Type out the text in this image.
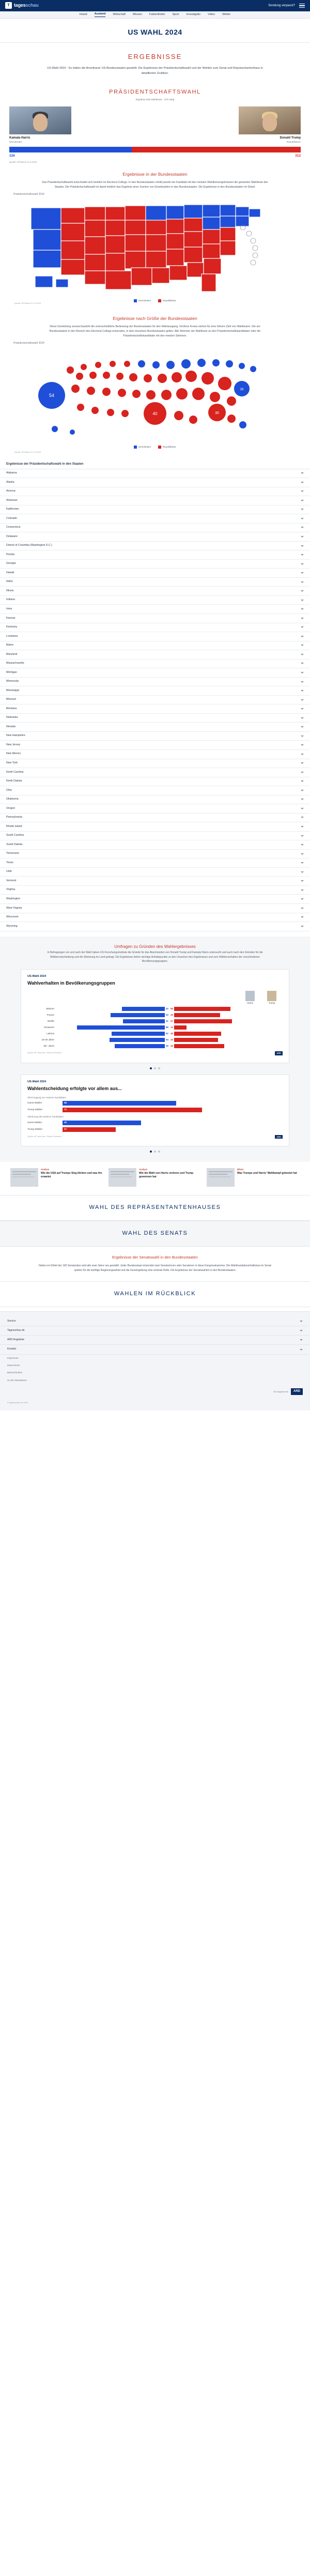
T tagesschau	Sendung verpasst?
Inland	Ausland	Wirtschaft	Wissen	Faktenfinder	Sport	Investigativ	Video	Wetter
US WAHL 2024
ERGEBNISSE
US-Wahl 2024 - So haben die Amerikaner US-Bundesstaaten gewählt. Die Ergebnisse der Präsidentschaftswahl und der Wahlen zum Senat und Repräsentantenhaus in detaillierten Grafiken.
PRÄSIDENTSCHAFTSWAHL
Ergebnis 538 Wahlleute - 270 nötig
Kamala Harris
Demokraten
Donald Trump
Republikaner
226	312
Quelle: AP/Stand 11.11.2024
Ergebnisse in der Bundesstaaten

Das Präsidentschaftswahl entscheidet sich letztlich im Electoral College. In den Bundesstaaten erhält jeweils der Kandidat mit den meisten Wahlkreisergebnissen die gesamten Wahlleute des Staates. Die Präsidentschaftswahl ist damit letztlich das Ergebnis einer Summe von Einzelwahlen in den Bundesstaaten. Die Ergebnisse in den Bundesstaaten im Detail:

Präsidentschaftswahl 2024
Demokraten	Republikaner
Quelle: AP/Stand 11.11.2024
Ergebnisse nach Größe der Bundesstaaten

Diese Darstellung veranschaulicht die unterschiedliche Bedeutung der Bundesstaaten für den Wahlausgang. Größere Kreise stehen für eine höhere Zahl von Wahlleuten. Die am Bundesstaaten in den Bereich den Electoral College entsenden, in dem einzelnen Bundesstaaten gelten: Alle Stimmen der Wahlleute an den Präsidentschaftskandidaten oder die Präsidentschaftskandidatin mit den meisten Stimmen.

Präsidentschaftswahl 2024
54
40	30
28
Demokraten	Republikaner
Quelle: AP/Stand 11.11.2024
Ergebnisse der Präsidentschaftswahl in den Staaten
Alabama
Alaska
Arizona
Arkansas
Kalifornien
Colorado
Connecticut
Delaware
District of Columbia (Washington D.C.)
Florida
Georgia
Hawaii
Idaho
Illinois
Indiana
Iowa
Kansas
Kentucky
Louisiana
Maine
Maryland
Massachusetts
Michigan
Minnesota
Mississippi
Missouri
Montana
Nebraska
Nevada
New Hampshire
New Jersey
New Mexico
New York
North Carolina
North Dakota
Ohio
Oklahoma
Oregon
Pennsylvania
Rhode Island
South Carolina
South Dakota
Tennessee
Texas
Utah
Vermont
Virginia
Washington
West Virginia
Wisconsin
Wyoming
Umfragen zu Gründen des Wahlergebnisses
In Befragungen vor und nach der Wahl haben US-Forschungsinstitute die Gründe für das Abschneiden von Donald Trump und Kamala Harris untersucht und auch nach den Gründen für die Wählerentscheidung und die Stimmung im Land gefragt. Die Ergebnisse liefern wichtige Anhaltspunkte zu den Ursachen des Ergebnisses und zum Wählerverhalten der verschiedenen Bevölkerungsgruppen.
US-Wahl 2024
Wahlverhalten in Bevölkerungsgruppen
Harris	Trump
Männer	42 55
Frauen	53 45
Weiße	41 57
Schwarze	86 12
Latinos	52 46
18-29 Jahre	54 43
65+ Jahre	49 49
Quelle: AP VoteCast / Edison Research	ARD
US-Wahl 2024
Wahlentscheidung erfolgte vor allem aus...
Überzeugung von meinem Kandidaten
Harris-Wähler	58
Trump-Wähler	71
Ablehnung des anderen Kandidaten
Harris-Wähler	40
Trump-Wähler	27
Quelle: AP VoteCast / Edison Research	ARD
Analyse
Wie die USA auf Trumps Sieg blicken und was ihn erwartet
Analyse
Wie die Wahl von Harris verloren und Trump gewonnen hat
Bilanz
Was Trumps und Harris' Wahlkampf gekostet hat
WAHL DES REPRÄSENTANTENHAUSES
WAHL DES SENATS
Ergebnisse der Senatswahl in den Bundesstaaten

Neben im Drittel der 100 Senatssitze wird alle zwei Jahre neu gewählt. Jeder Bundesstaat entsendet zwei Senatorinnen oder Senatoren in diese Kongresskammer. Die Wahlmandatsverhältnisse im Senat spielen für die künftige Regierungsarbeit und die Gesetzgebung eine zentrale Rolle. Die Ergebnisse der Senatswahlen in den Bundesstaaten:

WAHLEN IM RÜCKBLICK
Service
Tagesschau de
ARD Angebote
Kontakt
Impressum
Datenschutz
Barrierefreiheit
Zu den Newslettern
Ein Angebot der	ARD
© tagesschau.de 2024
